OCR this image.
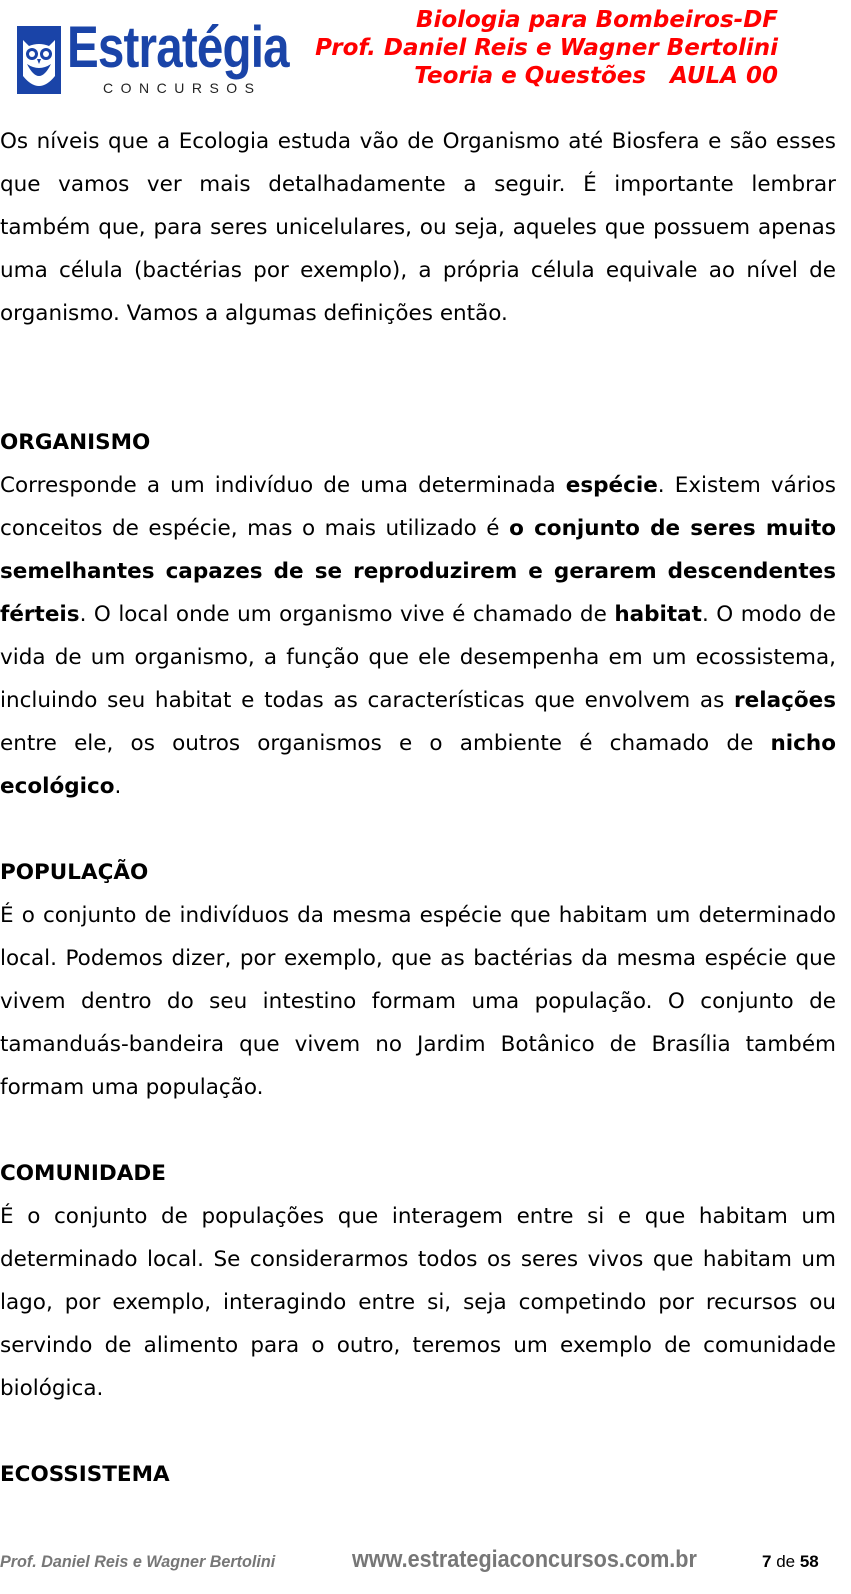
Estratégia
CONCURSOS
Biologia para Bombeiros-DF
Prof. Daniel Reis e Wagner Bertolini
Teoria e Questões   AULA 00

Os níveis que a Ecologia estuda vão de Organismo até Biosfera e são esses que vamos ver mais detalhadamente a seguir. É importante lembrar também que, para seres unicelulares, ou seja, aqueles que possuem apenas uma célula (bactérias por exemplo), a própria célula equivale ao nível de organismo. Vamos a algumas definições então.

ORGANISMO

Corresponde a um indivíduo de uma determinada espécie. Existem vários conceitos de espécie, mas o mais utilizado é o conjunto de seres muito semelhantes capazes de se reproduzirem e gerarem descendentes férteis. O local onde um organismo vive é chamado de habitat. O modo de vida de um organismo, a função que ele desempenha em um ecossistema, incluindo seu habitat e todas as características que envolvem as relações entre ele, os outros organismos e o ambiente é chamado de nicho ecológico.

POPULAÇÃO

É o conjunto de indivíduos da mesma espécie que habitam um determinado local. Podemos dizer, por exemplo, que as bactérias da mesma espécie que vivem dentro do seu intestino formam uma população. O conjunto de tamanduás-bandeira que vivem no Jardim Botânico de Brasília também formam uma população.

COMUNIDADE

É o conjunto de populações que interagem entre si e que habitam um determinado local. Se considerarmos todos os seres vivos que habitam um lago, por exemplo, interagindo entre si, seja competindo por recursos ou servindo de alimento para o outro, teremos um exemplo de comunidade biológica.

ECOSSISTEMA

Prof. Daniel Reis e Wagner Bertolini	www.estrategiaconcursos.com.br	7 de 58
